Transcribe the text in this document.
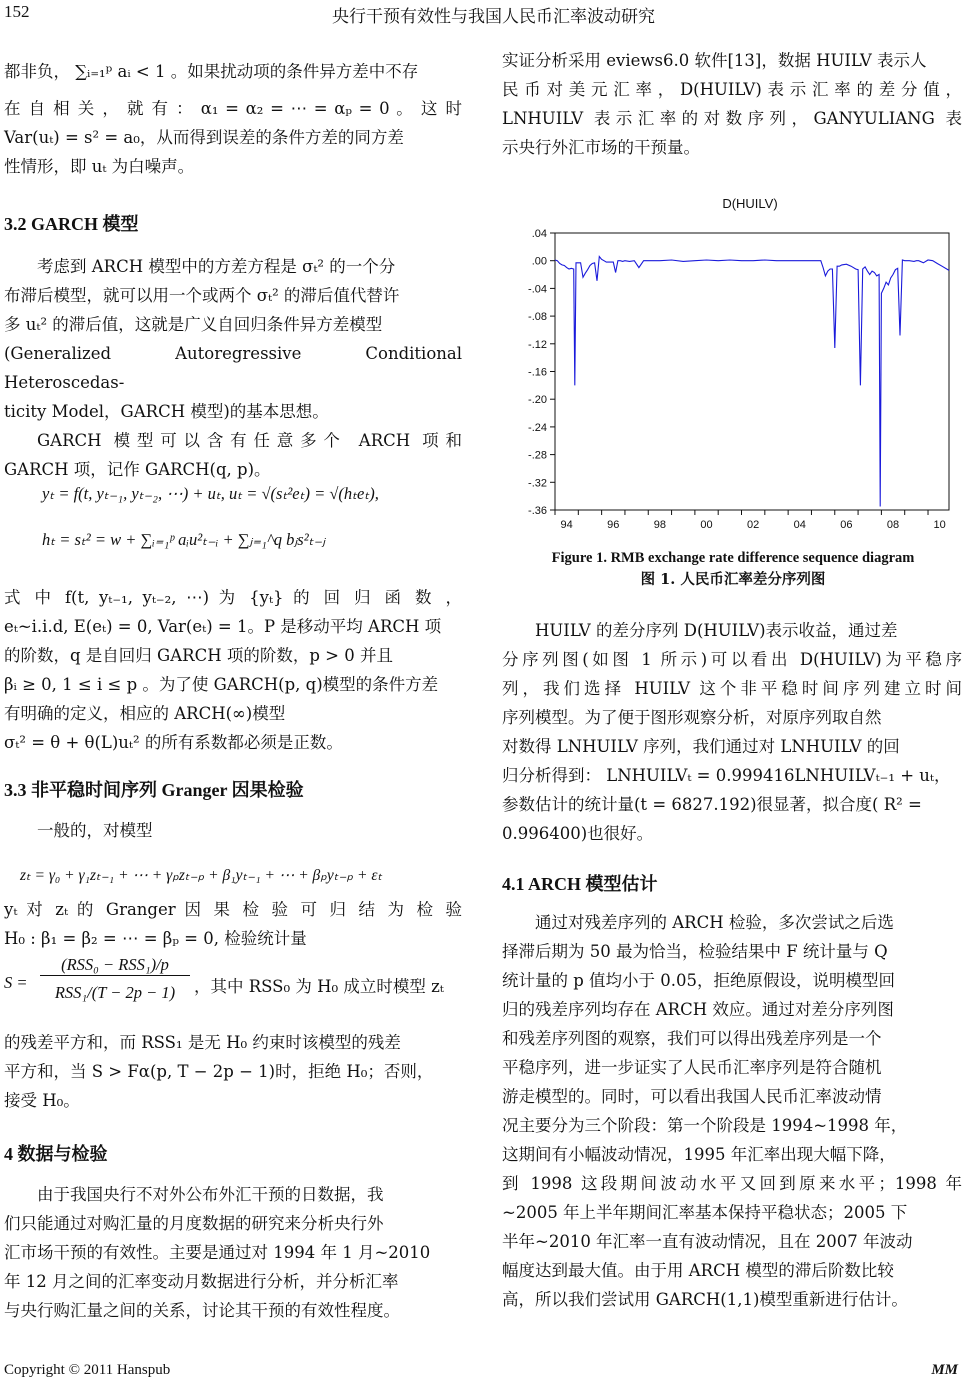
152	央行干预有效性与我国人民币汇率波动研究

都非负， ∑ᵢ₌₁ᵖ aᵢ < 1 。如果扰动项的条件异方差中不存

在 自 相 关 ， 就 有 ： α₁ = α₂ = ⋯ = αₚ = 0 。 这 时

Var(uₜ) = s² = a₀，从而得到误差的条件方差的同方差

性情形，即 uₜ 为白噪声。

3.2 GARCH 模型

考虑到 ARCH 模型中的方差方程是 σₜ² 的一个分

布滞后模型，就可以用一个或两个 σₜ² 的滞后值代替许

多 uₜ² 的滞后值，这就是广义自回归条件异方差模型

(Generalized Autoregressive Conditional Heteroscedas-

ticity Model，GARCH 模型)的基本思想。

GARCH 模型可以含有任意多个 ARCH 项和

GARCH 项，记作 GARCH(q, p)。

yₜ = f(t, yₜ₋₁, yₜ₋₂, ⋯) + uₜ, uₜ = √(sₜ²eₜ) = √(hₜeₜ),
hₜ = sₜ² = w + ∑ᵢ₌₁ᵖ aᵢu²ₜ₋ᵢ + ∑ⱼ₌₁^q bⱼs²ₜ₋ⱼ

式 中 f(t, yₜ₋₁, yₜ₋₂, ⋯) 为 {yₜ} 的 回 归 函 数 ，

eₜ~i.i.d, E(eₜ) = 0, Var(eₜ) = 1。P 是移动平均 ARCH 项

的阶数，q 是自回归 GARCH 项的阶数，p > 0 并且

βᵢ ≥ 0, 1 ≤ i ≤ p 。为了使 GARCH(p, q)模型的条件方差

有明确的定义，相应的 ARCH(∞)模型

σₜ² = θ + θ(L)uₜ² 的所有系数都必须是正数。

3.3 非平稳时间序列 Granger 因果检验

一般的，对模型

zₜ = γ₀ + γ₁zₜ₋₁ + ⋯ + γₚzₜ₋ₚ + β₁yₜ₋₁ + ⋯ + βₚyₜ₋ₚ + εₜ

yₜ 对 zₜ 的 Granger 因 果 检 验 可 归 结 为 检 验

H₀ : β₁ = β₂ = ⋯ = βₚ = 0, 检验统计量

S =
(RSS₀ − RSS₁)/p
RSS₁/(T − 2p − 1)	，其中 RSS₀ 为 H₀ 成立时模型 zₜ

的残差平方和，而 RSS₁ 是无 H₀ 约束时该模型的残差

平方和，当 S > Fα(p, T − 2p − 1)时，拒绝 H₀；否则，

接受 H₀。

4 数据与检验

由于我国央行不对外公布外汇干预的日数据，我

们只能通过对购汇量的月度数据的研究来分析央行外

汇市场干预的有效性。主要是通过对 1994 年 1 月~2010

年 12 月之间的汇率变动月数据进行分析，并分析汇率

与央行购汇量之间的关系，讨论其干预的有效性程度。

实证分析采用 eviews6.0 软件[13]，数据 HUILV 表示人

民币对美元汇率，D(HUILV)表示汇率的差分值，

LNHUILV 表示汇率的对数序列，GANYULIANG 表

示央行外汇市场的干预量。

D(HUILV)
.04
.00
-.04
-.08
-.12
-.16
-.20
-.24
-.28
-.32
-.36
94	96	98	00	02	04	06	08	10
Figure 1. RMB exchange rate difference sequence diagram
图 1. 人民币汇率差分序列图

HUILV 的差分序列 D(HUILV)表示收益，通过差

分序列图(如图 1 所示)可以看出 D(HUILV)为平稳序

列，我们选择 HUILV 这个非平稳时间序列建立时间

序列模型。为了便于图形观察分析，对原序列取自然

对数得 LNHUILV 序列，我们通过对 LNHUILV 的回

归分析得到： LNHUILVₜ = 0.999416LNHUILVₜ₋₁ + uₜ，

参数估计的统计量(t = 6827.192)很显著，拟合度( R² =

0.996400)也很好。

4.1 ARCH 模型估计

通过对残差序列的 ARCH 检验，多次尝试之后选

择滞后期为 50 最为恰当，检验结果中 F 统计量与 Q

统计量的 p 值均小于 0.05，拒绝原假设，说明模型回

归的残差序列均存在 ARCH 效应。通过对差分序列图

和残差序列图的观察，我们可以得出残差序列是一个

平稳序列，进一步证实了人民币汇率序列是符合随机

游走模型的。同时，可以看出我国人民币汇率波动情

况主要分为三个阶段：第一个阶段是 1994~1998 年，

这期间有小幅波动情况，1995 年汇率出现大幅下降，

到 1998 这段期间波动水平又回到原来水平；1998 年

~2005 年上半年期间汇率基本保持平稳状态；2005 下

半年~2010 年汇率一直有波动情况，且在 2007 年波动

幅度达到最大值。由于用 ARCH 模型的滞后阶数比较

高，所以我们尝试用 GARCH(1,1)模型重新进行估计。

Copyright © 2011 Hanspub	MM
